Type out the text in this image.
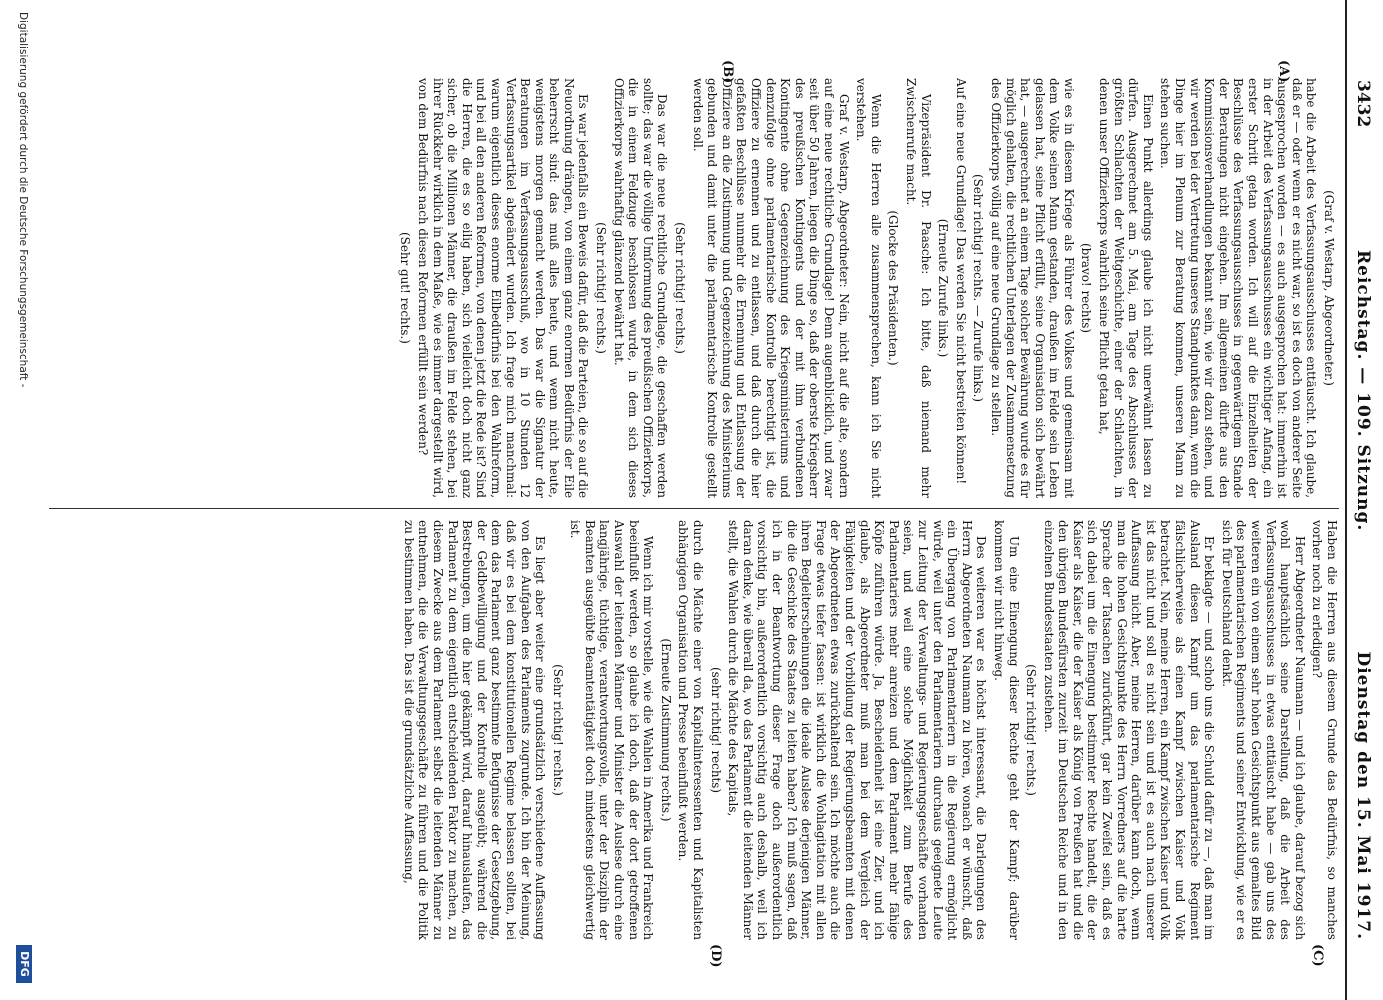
3432
Reichstag. — 109. Sitzung.
Dienstag den 15. Mai 1917.
(A)
(B)
(C)
(D)

(Graf v. Westarp, Abgeordneter.)

habe die Arbeit des Verfassungsausschusses enttäuscht. Ich glaube, daß er — oder wenn er es nicht war, so ist es doch von anderer Seite ausgesprochen worden — es auch ausgesprochen hat: immerhin ist in der Arbeit des Verfassungsausschusses ein wichtiger Anfang, ein erster Schritt getan worden. Ich will auf die Einzelheiten der Beschlüsse des Verfassungsausschusses in gegenwärtigem Stande der Beratungen nicht eingehen. Im allgemeinen dürfte aus den Kommissionsverhandlungen bekannt sein, wie wir dazu stehen, und wir werden bei der Vertretung unseres Standpunktes dann, wenn die Dinge hier im Plenum zur Beratung kommen, unseren Mann zu stehen suchen.

Einen Punkt allerdings glaube ich nicht unerwähnt lassen zu dürfen. Ausgerechnet am 5. Mai, am Tage des Abschlusses der größten Schlachten der Weltgeschichte, einer der Schlachten, in denen unser Offizierkorps wahrlich seine Pflicht getan hat,

(bravo! rechts)

wie es in diesem Kriege als Führer des Volkes und gemeinsam mit dem Volke seinen Mann gestanden, draußen im Felde sein Leben gelassen hat, seine Pflicht erfüllt, seine Organisation sich bewährt hat, — ausgerechnet an einem Tage solcher Bewährung wurde es für möglich gehalten, die rechtlichen Unterlagen der Zusammensetzung des Offizierkorps völlig auf eine neue Grundlage zu stellen.

(Sehr richtig! rechts. — Zurufe links.)

Auf eine neue Grundlage! Das werden Sie nicht bestreiten können!

(Erneute Zurufe links.)

Vizepräsident Dr. Paasche: Ich bitte, daß niemand mehr Zwischenrufe macht.

(Glocke des Präsidenten.)

Wenn die Herren alle zusammensprechen, kann ich Sie nicht verstehen.

Graf v. Westarp, Abgeordneter: Nein, nicht auf die alte, sondern auf eine neue rechtliche Grundlage! Denn augenblicklich, und zwar seit über 50 Jahren, liegen die Dinge so, daß der oberste Kriegsherr des preußischen Kontingents und der mit ihm verbundenen Kontingente ohne Gegenzeichnung des Kriegsministeriums und demzufolge ohne parlamentarische Kontrolle berechtigt ist, die Offiziere zu ernennen und zu entlassen, und daß durch die hier gefaßten Beschlüsse nunmehr die Ernennung und Entlassung der Offiziere an die Zustimmung und Gegenzeichnung des Ministeriums gebunden und damit unter die parlamentarische Kontrolle gestellt werden soll.

(Sehr richtig! rechts.)

Das war die neue rechtliche Grundlage, die geschaffen werden sollte; das war die völlige Umformung des preußischen Offizierkorps, die in einem Feldzuge beschlossen wurde, in dem sich dieses Offizierkorps wahrhaftig glänzend bewährt hat.

(Sehr richtig! rechts.)

Es war jedenfalls ein Beweis dafür, daß die Parteien, die so auf die Neuordnung drängen, von einem ganz enormen Bedürfnis der Eile beherrscht sind: das muß alles heute, und wenn nicht heute, wenigstens morgen gemacht werden. Das war die Signatur der Beratungen im Verfassungsausschuß, wo in 10 Stunden 12 Verfassungsartikel abgeändert wurden. Ich frage mich manchmal: warum eigentlich dieses enorme Eilbedürfnis bei den Wahlreform, und bei all den anderen Reformen, von denen jetzt die Rede ist? Sind die Herren, die es so eilig haben, sich vielleicht doch nicht ganz sicher, ob die Millionen Männer, die draußen im Felde stehen, bei ihrer Rückkehr wirklich in dem Maße, wie es immer dargestellt wird, von dem Bedürfnis nach diesen Reformen erfüllt sein werden?

(Sehr gut! rechts.)

Haben die Herren aus diesem Grunde das Bedürfnis, so manches vorher noch zu erledigen?

Herr Abgeordneter Naumann — und ich glaube, darauf bezog sich wohl hauptsächlich seine Darstellung, daß die Arbeit des Verfassungsausschusses in etwas enttäuscht habe — gab uns des weiteren ein von einem sehr hohen Gesichtspunkt aus gemaltes Bild des parlamentarischen Regiments und seiner Entwicklung, wie er es sich für Deutschland denkt.

Er beklagte — und schob uns die Schuld dafür zu —, daß man im Ausland diesen Kampf um das parlamentarische Regiment fälschlicherweise als einen Kampf zwischen Kaiser und Volk betrachtet. Nein, meine Herren, ein Kampf zwischen Kaiser und Volk ist das nicht und soll es nicht sein und ist es auch nach unserer Auffassung nicht. Aber, meine Herren, darüber kann doch, wenn man die hohen Gesichtspunkte des Herrn Vorredners auf die harte Sprache der Tatsachen zurückführt, gar kein Zweifel sein, daß es sich dabei um die Einengung bestimmter Rechte handelt, die der Kaiser als Kaiser, die der Kaiser als König von Preußen hat und die den übrigen Bundesfürsten zurzeit im Deutschen Reiche und in den einzelnen Bundesstaaten zustehen.

(Sehr richtig! rechts.)

Um eine Einengung dieser Rechte geht der Kampf; darüber kommen wir nicht hinweg.

Des weiteren war es höchst interessant, die Darlegungen des Herrn Abgeordneten Naumann zu hören, wonach er wünscht, daß ein Übergang von Parlamentariern in die Regierung ermöglicht würde, weil unter den Parlamentariern durchaus geeignete Leute zur Leitung der Verwaltungs- und Regierungsgeschäfte vorhanden seien, und weil eine solche Möglichkeit zum Berufe des Parlamentariers mehr anreizen und dem Parlament mehr fähige Köpfe zuführen würde. Ja, Bescheidenheit ist eine Zier, und ich glaube, als Abgeordneter muß man bei dem Vergleich der Fähigkeiten und der Vorbildung der Regierungsbeamten mit denen der Abgeordneten etwas zurückhaltend sein. Ich möchte auch die Frage etwas tiefer fassen: ist wirklich die Wohlagitation mit allen ihren Begleiterscheinungen die ideale Auslese derjenigen Männer, die die Geschicke des Staates zu leiten haben? Ich muß sagen, daß ich in der Beantwortung dieser Frage doch außerordentlich vorsichtig bin, außerordentlich vorsichtig auch deshalb, weil ich daran denke, wie überall da, wo das Parlament die leitenden Männer stellt, die Wahlen durch die Mächte des Kapitals,

(sehr richtig! rechts)

durch die Mächte einer von Kapitalinteressenten und Kapitalisten abhängigen Organisation und Presse beeinflußt werden.

(Erneute Zustimmung rechts.)

Wenn ich mir vorstelle, wie die Wahlen in Amerika und Frankreich beeinflußt werden, so glaube ich doch, daß der dort getroffenen Auswahl der leitenden Männer und Minister die Auslese durch eine langjährige, tüchtige, verantwortungsvolle, unter der Disziplin der Beamten ausgeübte Beamtentätigkeit doch mindestens gleichwertig ist.

(Sehr richtig! rechts.)

Es liegt aber weiter eine grundsätzlich verschiedene Auffassung von den Aufgaben des Parlaments zugrunde. Ich bin der Meinung, daß wir es bei dem konstitutionellen Regime belassen sollten, bei dem das Parlament ganz bestimmte Befugnisse der Gesetzgebung, der Geldbewilligung und der Kontrolle ausgeübt; während die Bestrebungen, um die hier gekämpft wird, darauf hinauslaufen, das Parlament zu dem eigentlich entscheidenden Faktor zu machen, zu diesem Zwecke aus dem Parlament selbst die leitenden Männer zu entnehmen, die die Verwaltungsgeschäfte zu führen und die Politik zu bestimmen haben. Das ist die grundsätzliche Auffassung,

Digitalisierung gefördert durch die Deutsche Forschungsgemeinschaft -
DFG
